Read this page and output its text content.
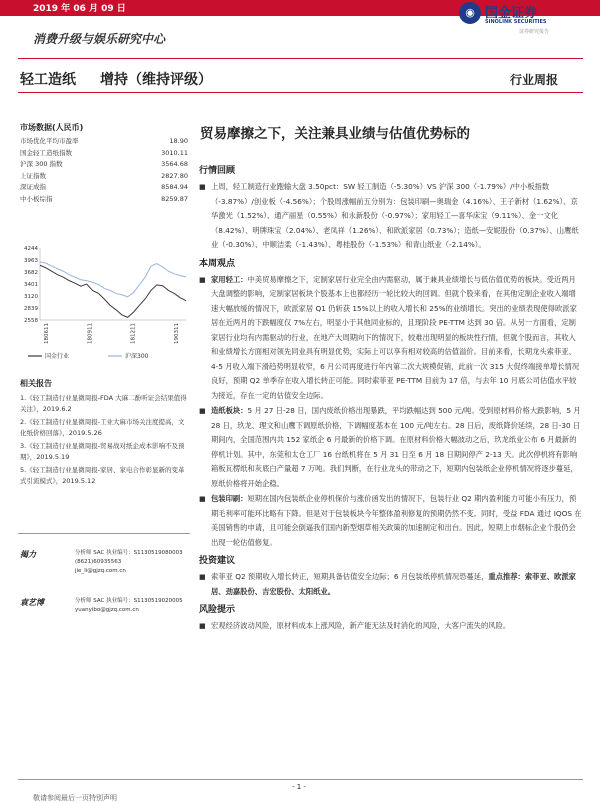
2019 年 06 月 09 日	◉ 国金证券
SINOLINK SECURITIES
证券研究报告
消费升级与娱乐研究中心
轻工造纸 增持（维持评级）	行业周报
市场数据(人民币)
市场优化平均市盈率	18.90
国金轻工造纸指数	3010.11
沪深 300 指数	3564.68
上证指数	2827.80
深证成指	8584.94
中小板综指	8259.87
4244
3963
3682
3401
3120
2839
2558
180611	180911	181211	190311
国金行业	沪深300
相关报告
1.《轻工制造行业显微周报-FDA 大麻二酚听证会结果值得关注》，2019.6.2
2.《轻工制造行业显微周报-工业大麻市场关注度提高，文化纸价格回落》，2019.5.26
3.《轻工制造行业显微周报-贸易战对纸企成本影响不及预期》，2019.5.19
5.《轻工制造行业显微周报-家居、家电合作彰显新的变革式引流模式》，2019.5.12
揭力	分析师 SAC 执业编号：S1130519080003
(8621)60935563
jie_li@gjzq.com.cn
袁艺博	分析师 SAC 执业编号：S1130519020005
yuanyibo@gjzq.com.cn
贸易摩擦之下，关注兼具业绩与估值优势标的
行情回顾
■ 上周，轻工制造行业跑输大盘 3.50pct：SW 轻工制造（-5.30%）VS 沪深 300（-1.79%）/中小板指数（-3.87%）/创业板（-4.56%）；个股周涨幅前五分别为：包装印刷—奥瑞金（4.16%）、王子新材（1.62%）、京华激光（1.52%）、通产丽星（0.55%）和永新股份（-0.97%）；家用轻工—喜华床宝（9.11%）、金一文化（8.42%）、明牌珠宝（2.04%）、老凤祥（1.26%）、和欧派家居（0.73%）；造纸—安妮股份（0.37%）、山鹰纸业（-0.30%）、中顺洁柔（-1.43%）、粤桂股份（-1.53%）和青山纸业（-2.14%）。
本周观点
■ 家用轻工：中美贸易摩擦之下，定制家居行业完全由内需驱动，属于兼具业绩增长与低估值优势的板块。受近两月大盘调整的影响，定制家居板块个股基本上也都经历一轮比较大的回调。但就个股来看，在其他定制企业收入端增速大幅放缓的情况下，欧派家居 Q1 仍斩获 15%以上的收入增长和 25%的业绩增长。突出的业绩表现使得欧派家居在近两月的下跌幅度仅 7%左右，明显小于其他同业标的，且现阶段 PE-TTM 达到 30 倍。从另一方面看，定制家居行业均有内需驱动的行业，在地产大周期向下的情况下，较难出现明显的板块性行情，但就个股而言，其收入和业绩增长方面相对领先同业具有明显优势，实际上可以享有相对较高的估值溢价。目前来看，长期龙头索菲亚、4-5 月收入端下滑趋势明显收窄，6 月公司再度进行年内第二次大规模促销，此前一次 315 大促终端接单增长情况良好，预期 Q2 单季存在收入增长转正可能。同时索菲亚 PE-TTM 目前为 17 倍，与去年 10 月底公司估值水平较为接近，存在一定的估值安全边际。
■ 造纸板块：5 月 27 日-28 日，国内废纸价格出现暴跌，平均跌幅达到 500 元/吨。受到原材料价格大跌影响，5 月 28 日，玖龙、理文和山鹰下调原纸价格，下调幅度基本在 100 元/吨左右。28 日后，废纸降价延续，28 日-30 日期间内，全国范围内共 152 家纸企 6 月最新的价格下调。在原材料价格大幅波动之后，玖龙纸业公布 6 月最新的停机计划。其中，东莞和太仓工厂 16 台纸机将在 5 月 31 日至 6 月 18 日期间停产 2-13 天。此次停机将有影响箱板瓦楞纸和灰底白产量超 7 万吨。我们判断，在行业龙头的带动之下，短期内包装纸企业停机情况将逐步蔓延，原纸价格将开始企稳。
■ 包装印刷：短期在国内包装纸企业停机保价与涨价函发出的情况下，包装行业 Q2 期内盈利能力可能小有压力，预期毛利率可能环比略有下降。但是对于包装板块今年整体盈利修复的预期仍然不变。同时，受益 FDA 通过 IQOS 在美国销售的申请，且可能会倒逼我们国内新型烟草相关政策的加速制定和出台。因此，短期上市烟标企业个股仍会出现一轮估值修复。
投资建议
■ 索菲亚 Q2 预期收入增长转正，短期具备估值安全边际；6 月包装纸停机情况恐蔓延，重点推荐：索菲亚、欧派家居、劲嘉股份、吉宏股份、太阳纸业。
风险提示
■ 宏观经济波动风险，原材料成本上涨风险，新产能无法及时消化的风险，大客户流失的风险。
- 1 -
敬请参阅最后一页特别声明
